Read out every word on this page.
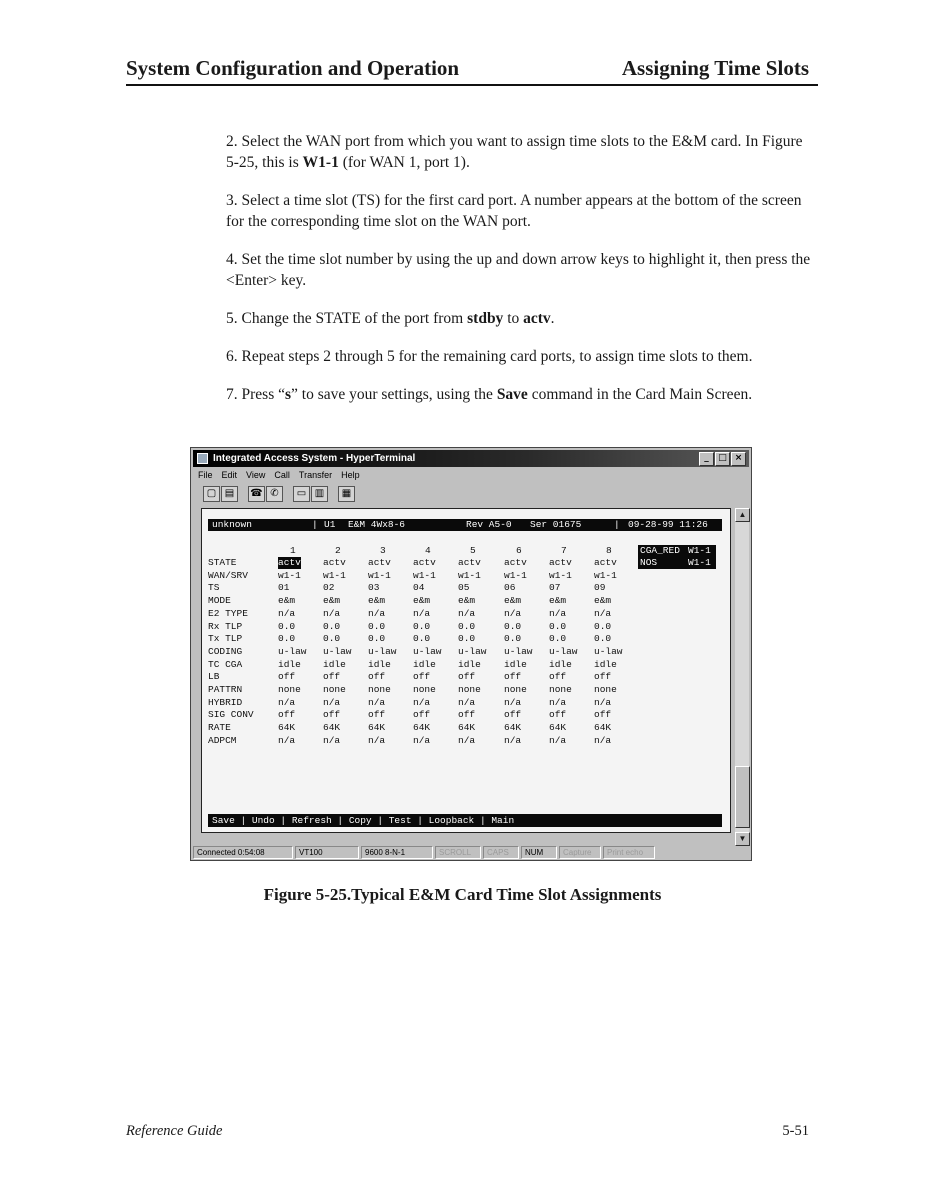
System Configuration and Operation	Assigning Time Slots

2. Select the WAN port from which you want to assign time slots to the E&M card. In Figure 5-25, this is W1-1 (for WAN 1, port 1).

3. Select a time slot (TS) for the first card port. A number appears at the bottom of the screen for the corresponding time slot on the WAN port.

4. Set the time slot number by using the up and down arrow keys to highlight it, then press the <Enter> key.

5. Change the STATE of the port from stdby to actv.

6. Repeat steps 2 through 5 for the remaining card ports, to assign time slots to them.

7. Press “s” to save your settings, using the Save command in the Card Main Screen.

Integrated Access System - HyperTerminal	_	□ ×
File Edit View Call Transfer Help
▢ ▤	☎ ✆	▭ ▥	▦
unknown	| U1 E&M 4Wx8-6	Rev A5-0 Ser 01675	| 09-28-99 11:26
CGA_RED W1-1
NOS	W1-1
1	2	3	4	5	6	7	8
STATE	actv actv actv actv actv actv actv actv
WAN/SRV	w1-1 w1-1 w1-1 w1-1 w1-1 w1-1 w1-1 w1-1
TS	01	02	03	04	05	06	07	09
MODE	e&m	e&m	e&m	e&m	e&m	e&m	e&m	e&m
E2 TYPE	n/a	n/a	n/a	n/a	n/a	n/a	n/a	n/a
Rx TLP	0.0	0.0	0.0	0.0	0.0	0.0	0.0	0.0
Tx TLP	0.0	0.0	0.0	0.0	0.0	0.0	0.0	0.0
CODING	u-law u-law u-law u-law u-law u-law u-law u-law
TC CGA	idle idle idle idle idle idle idle idle
LB	off	off	off	off	off	off	off	off
PATTRN	none none none none none none none none
HYBRID	n/a	n/a	n/a	n/a	n/a	n/a	n/a	n/a
SIG CONV	off	off	off	off	off	off	off	off
RATE	64K	64K	64K	64K	64K	64K	64K	64K
ADPCM	n/a	n/a	n/a	n/a	n/a	n/a	n/a	n/a
Save | Undo | Refresh | Copy | Test | Loopback | Main
▲
▼
Connected 0:54:08	VT100	9600 8-N-1	SCROLL	CAPS	NUM	Capture	Print echo
Figure 5-25.Typical E&M Card Time Slot Assignments
Reference Guide	5-51
